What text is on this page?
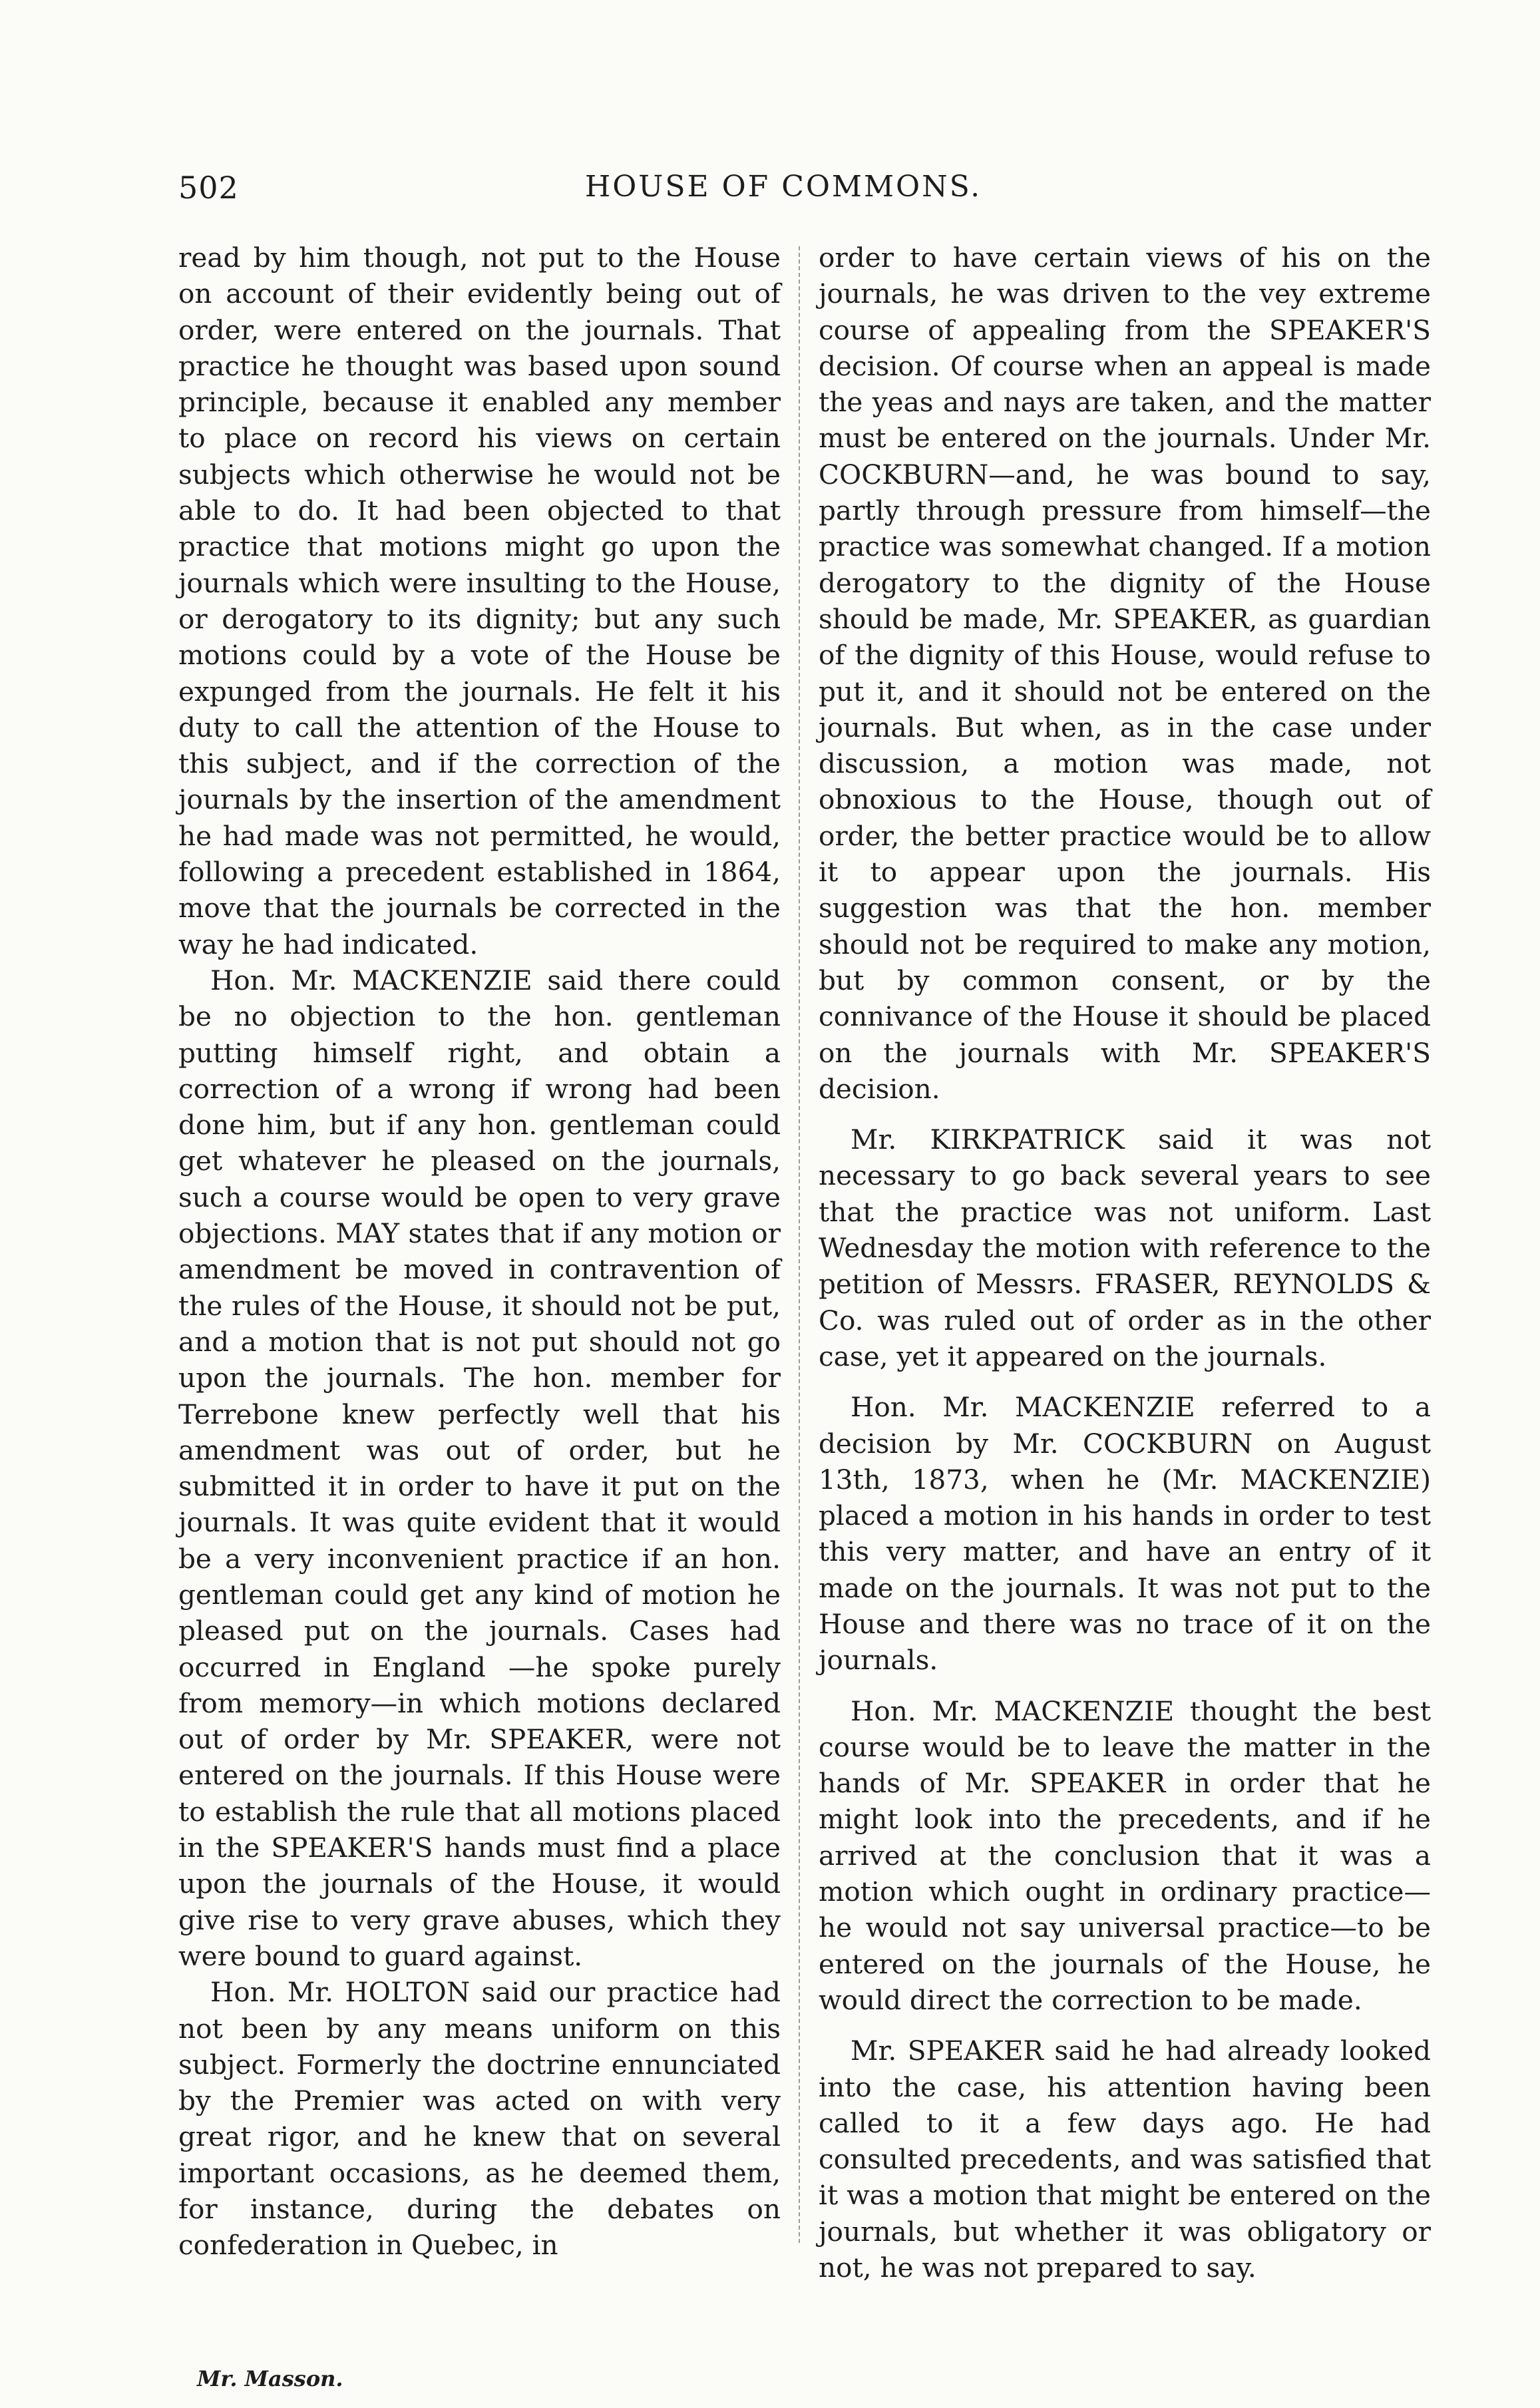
502	HOUSE OF COMMONS.

read by him though, not put to the House on account of their evidently being out of order, were entered on the journals. That practice he thought was based upon sound principle, because it enabled any member to place on record his views on certain subjects which otherwise he would not be able to do. It had been objected to that practice that motions might go upon the journals which were insulting to the House, or derogatory to its dignity; but any such motions could by a vote of the House be expunged from the journals. He felt it his duty to call the attention of the House to this subject, and if the correction of the journals by the insertion of the amendment he had made was not permitted, he would, following a precedent established in 1864, move that the journals be corrected in the way he had indicated.

Hon. Mr. MACKENZIE said there could be no objection to the hon. gentleman putting himself right, and obtain a correction of a wrong if wrong had been done him, but if any hon. gentleman could get whatever he pleased on the journals, such a course would be open to very grave objections. MAY states that if any motion or amendment be moved in contravention of the rules of the House, it should not be put, and a motion that is not put should not go upon the journals. The hon. member for Terrebone knew perfectly well that his amendment was out of order, but he submitted it in order to have it put on the journals. It was quite evident that it would be a very inconvenient practice if an hon. gentleman could get any kind of motion he pleased put on the journals. Cases had occurred in England —he spoke purely from memory—in which motions declared out of order by Mr. SPEAKER, were not entered on the journals. If this House were to establish the rule that all motions placed in the SPEAKER'S hands must find a place upon the journals of the House, it would give rise to very grave abuses, which they were bound to guard against.

Hon. Mr. HOLTON said our practice had not been by any means uniform on this subject. Formerly the doctrine ennunciated by the Premier was acted on with very great rigor, and he knew that on several important occasions, as he deemed them, for instance, during the debates on confederation in Quebec, in

order to have certain views of his on the journals, he was driven to the vey extreme course of appealing from the SPEAKER'S decision. Of course when an appeal is made the yeas and nays are taken, and the matter must be entered on the journals. Under Mr. COCKBURN—and, he was bound to say, partly through pressure from himself—the practice was somewhat changed. If a motion derogatory to the dignity of the House should be made, Mr. SPEAKER, as guardian of the dignity of this House, would refuse to put it, and it should not be entered on the journals. But when, as in the case under discussion, a motion was made, not obnoxious to the House, though out of order, the better practice would be to allow it to appear upon the journals. His suggestion was that the hon. member should not be required to make any motion, but by common consent, or by the connivance of the House it should be placed on the journals with Mr. SPEAKER'S decision.

Mr. KIRKPATRICK said it was not necessary to go back several years to see that the practice was not uniform. Last Wednesday the motion with reference to the petition of Messrs. FRASER, REYNOLDS & Co. was ruled out of order as in the other case, yet it appeared on the journals.

Hon. Mr. MACKENZIE referred to a decision by Mr. COCKBURN on August 13th, 1873, when he (Mr. MACKENZIE) placed a motion in his hands in order to test this very matter, and have an entry of it made on the journals. It was not put to the House and there was no trace of it on the journals.

Hon. Mr. MACKENZIE thought the best course would be to leave the matter in the hands of Mr. SPEAKER in order that he might look into the precedents, and if he arrived at the conclusion that it was a motion which ought in ordinary practice—he would not say universal practice—to be entered on the journals of the House, he would direct the correction to be made.

Mr. SPEAKER said he had already looked into the case, his attention having been called to it a few days ago. He had consulted precedents, and was satisfied that it was a motion that might be entered on the journals, but whether it was obligatory or not, he was not prepared to say.

Mr. Masson.
